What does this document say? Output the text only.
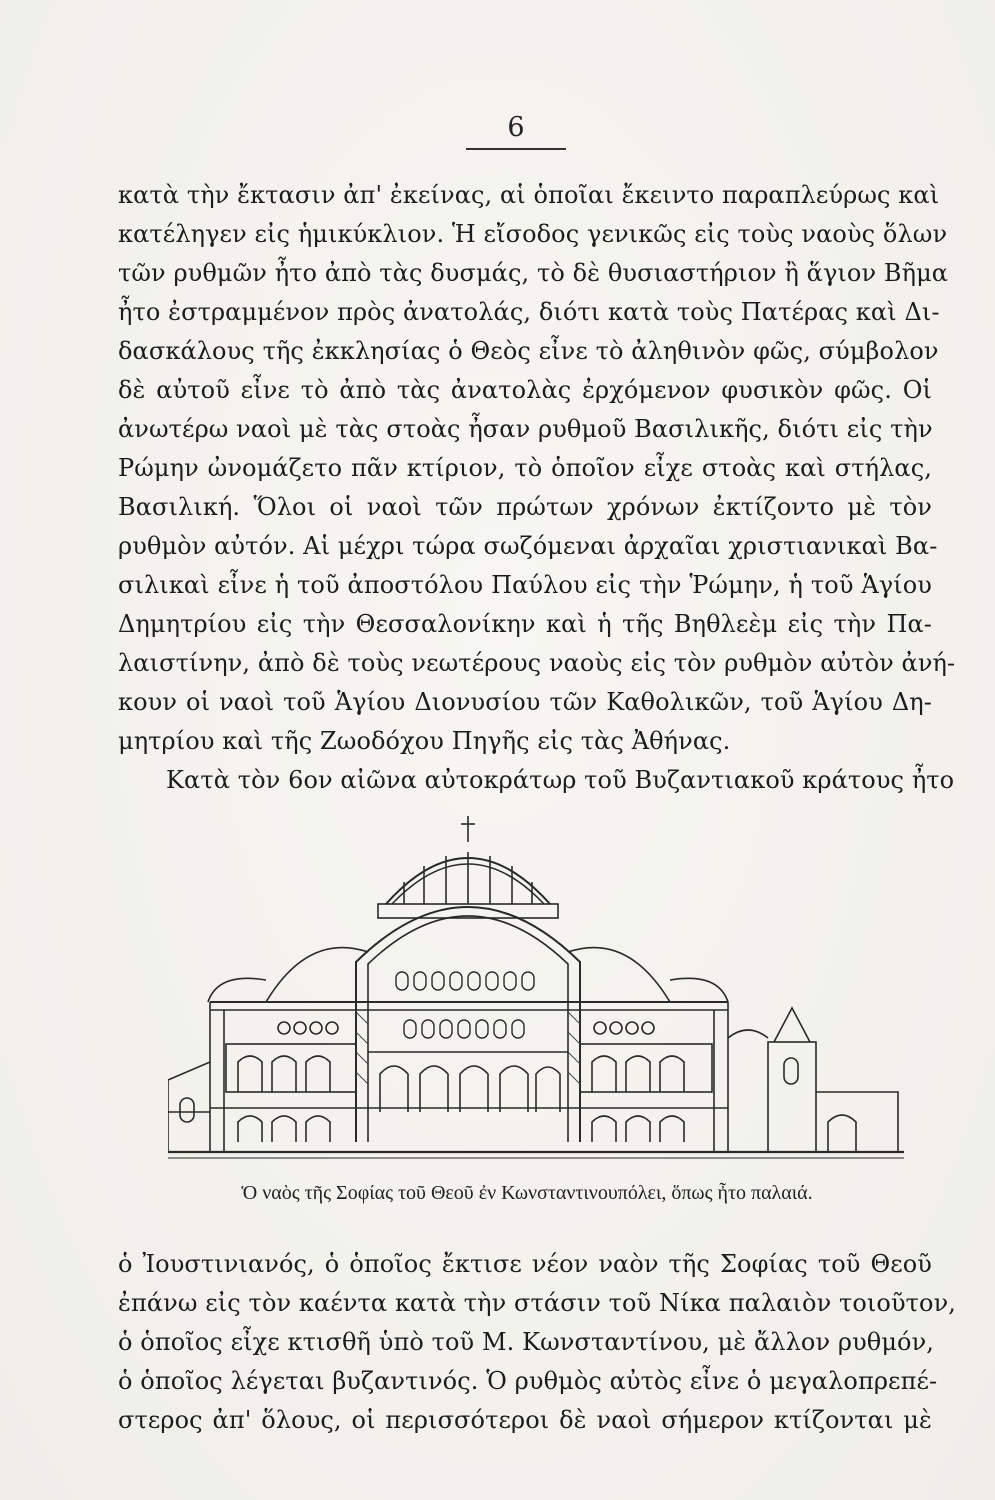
6
κατὰ τὴν ἔκτασιν ἀπ' ἐκείνας, αἱ ὁποῖαι ἔκειντο παραπλεύρως καὶ
κατέληγεν εἰς ἡμικύκλιον. Ἡ εἴσοδος γενικῶς εἰς τοὺς ναοὺς ὅλων
τῶν ρυθμῶν ἦτο ἀπὸ τὰς δυσμάς, τὸ δὲ θυσιαστήριον ἢ ἅγιον Βῆμα
ἦτο ἐστραμμένον πρὸς ἀνατολάς, διότι κατὰ τοὺς Πατέρας καὶ Δι-
δασκάλους τῆς ἐκκλησίας ὁ Θεὸς εἶνε τὸ ἀληθινὸν φῶς, σύμβολον
δὲ αὐτοῦ εἶνε τὸ ἀπὸ τὰς ἀνατολὰς ἐρχόμενον φυσικὸν φῶς. Οἱ
ἀνωτέρω ναοὶ μὲ τὰς στοὰς ἦσαν ρυθμοῦ Βασιλικῆς, διότι εἰς τὴν
Ρώμην ὠνομάζετο πᾶν κτίριον, τὸ ὁποῖον εἶχε στοὰς καὶ στήλας,
Βασιλική. Ὅλοι οἱ ναοὶ τῶν πρώτων χρόνων ἐκτίζοντο μὲ τὸν
ρυθμὸν αὐτόν. Αἱ μέχρι τώρα σωζόμεναι ἀρχαῖαι χριστιανικαὶ Βα-
σιλικαὶ εἶνε ἡ τοῦ ἀποστόλου Παύλου εἰς τὴν Ῥώμην, ἡ τοῦ Ἁγίου
Δημητρίου εἰς τὴν Θεσσαλονίκην καὶ ἡ τῆς Βηθλεὲμ εἰς τὴν Πα-
λαιστίνην, ἀπὸ δὲ τοὺς νεωτέρους ναοὺς εἰς τὸν ρυθμὸν αὐτὸν ἀνή-
κουν οἱ ναοὶ τοῦ Ἁγίου Διονυσίου τῶν Καθολικῶν, τοῦ Ἁγίου Δη-
μητρίου καὶ τῆς Ζωοδόχου Πηγῆς εἰς τὰς Ἀθήνας.
Κατὰ τὸν 6ον αἰῶνα αὐτοκράτωρ τοῦ Βυζαντιακοῦ κράτους ἦτο
Ὁ ναὸς τῆς Σοφίας τοῦ Θεοῦ ἐν Κωνσταντινουπόλει, ὅπως ἦτο παλαιά.
ὁ Ἰουστινιανός, ὁ ὁποῖος ἔκτισε νέον ναὸν τῆς Σοφίας τοῦ Θεοῦ
ἐπάνω εἰς τὸν καέντα κατὰ τὴν στάσιν τοῦ Νίκα παλαιὸν τοιοῦτον,
ὁ ὁποῖος εἶχε κτισθῆ ὑπὸ τοῦ Μ. Κωνσταντίνου, μὲ ἄλλον ρυθμόν,
ὁ ὁποῖος λέγεται βυζαντινός. Ὁ ρυθμὸς αὐτὸς εἶνε ὁ μεγαλοπρεπέ-
στερος ἀπ' ὅλους, οἱ περισσότεροι δὲ ναοὶ σήμερον κτίζονται μὲ
